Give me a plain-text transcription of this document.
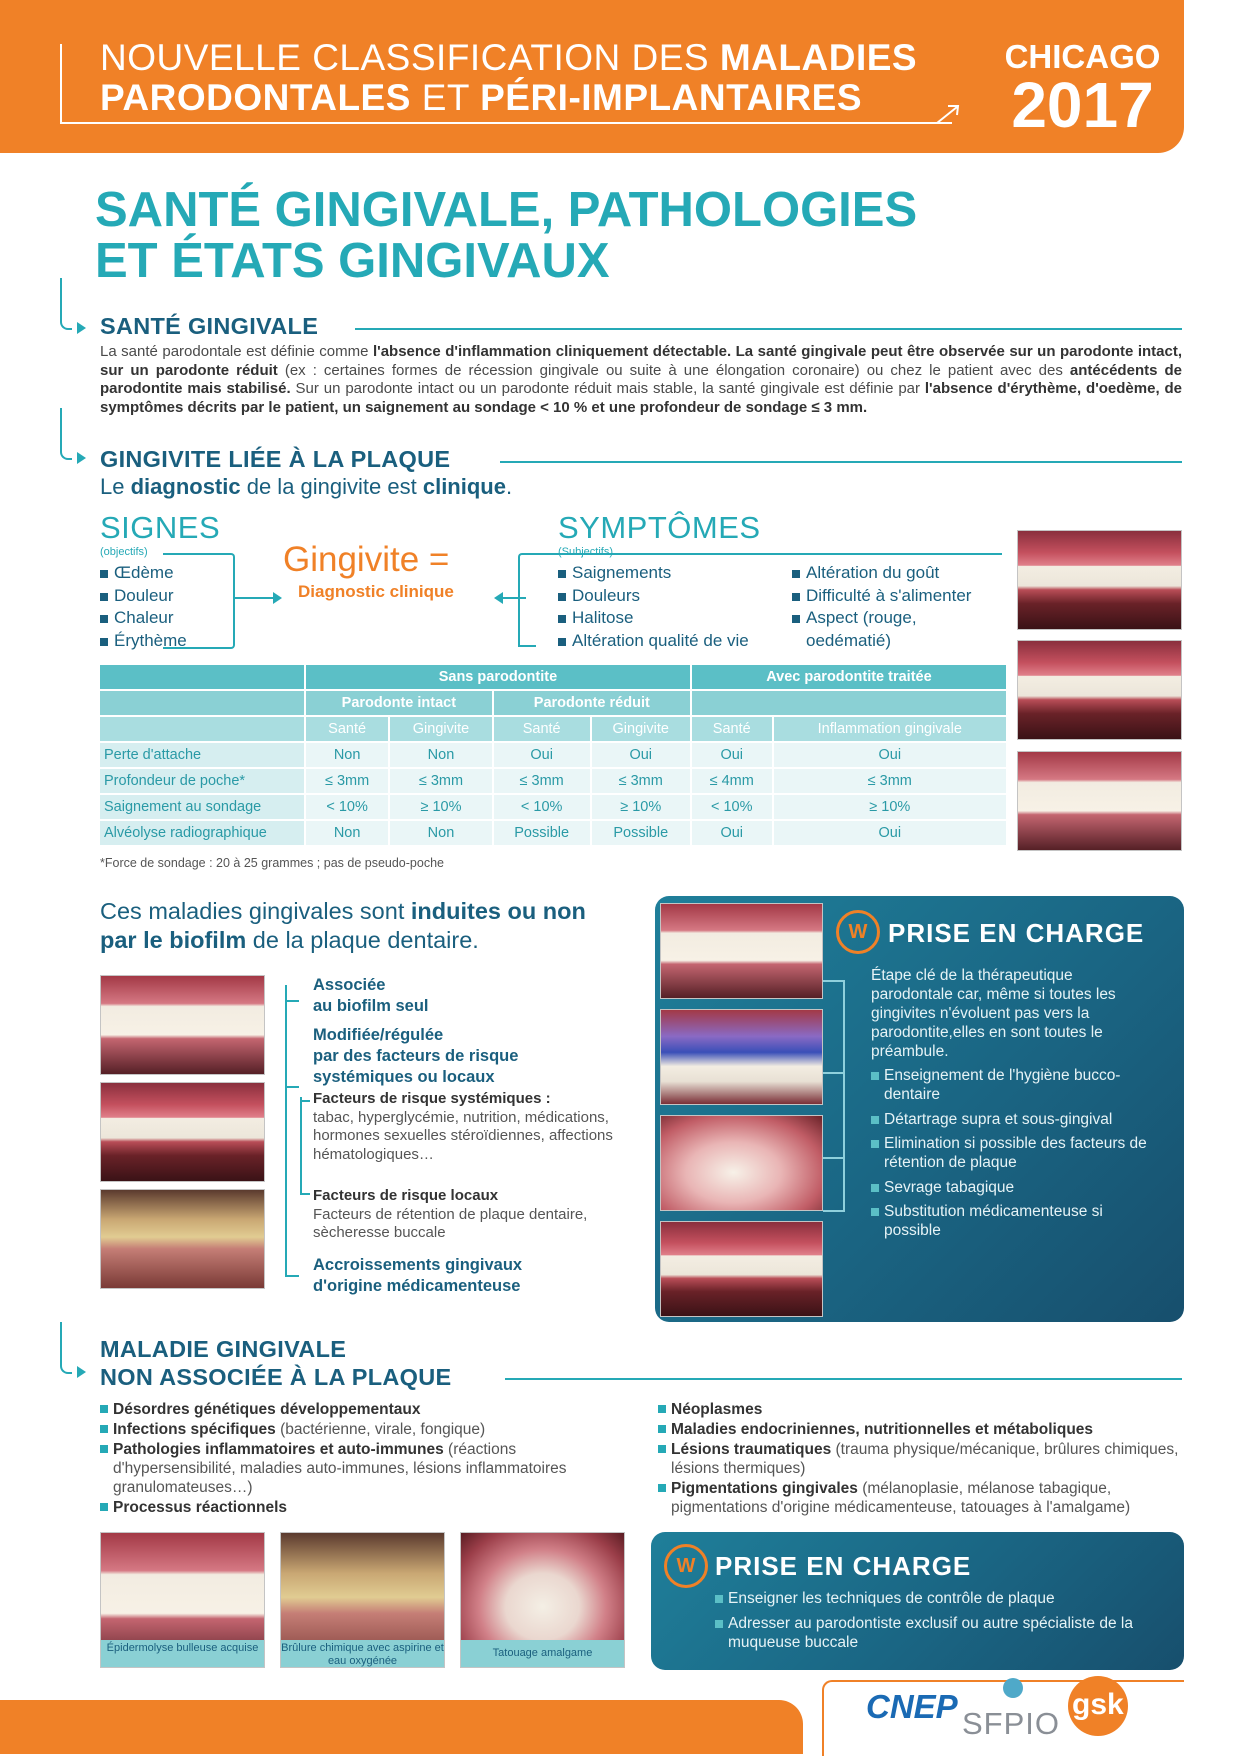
NOUVELLE CLASSIFICATION DES MALADIES
PARODONTALES ET PÉRI-IMPLANTAIRES
CHICAGO
2017
SANTÉ GINGIVALE, PATHOLOGIES
ET ÉTATS GINGIVAUX
SANTÉ GINGIVALE
La santé parodontale est définie comme l'absence d'inflammation cliniquement détectable. La santé gingivale peut être observée sur un parodonte intact, sur un parodonte réduit (ex : certaines formes de récession gingivale ou suite à une élongation coronaire) ou chez le patient avec des antécédents de parodontite mais stabilisé. Sur un parodonte intact ou un parodonte réduit mais stable, la santé gingivale est définie par l'absence d'érythème, d'oedème, de symptômes décrits par le patient, un saignement au sondage < 10 % et une profondeur de sondage ≤ 3 mm.
GINGIVITE LIÉE À LA PLAQUE
Le diagnostic de la gingivite est clinique.
SIGNES
(objectifs)
Œdème
Douleur
Chaleur
Érythème
Gingivite =
Diagnostic clinique
SYMPTÔMES
(Subjectifs)
Saignements
Douleurs
Halitose
Altération qualité de vie
Altération du goût
Difficulté à s'alimenter
Aspect (rouge,
oedématié)
	Sans parodontite				Avec parodontite traitée	
	Parodonte intact		Parodonte réduit			
	Santé	Gingivite	Santé	Gingivite	Santé	Inflammation gingivale
Perte d'attache	Non	Non	Oui	Oui	Oui	Oui
Profondeur de poche*	≤ 3mm	≤ 3mm	≤ 3mm	≤ 3mm	≤ 4mm	≤ 3mm
Saignement au sondage	< 10%	≥ 10%	< 10%	≥ 10%	< 10%	≥ 10%
Alvéolyse radiographique	Non	Non	Possible	Possible	Oui	Oui
*Force de sondage : 20 à 25 grammes ; pas de pseudo-poche
Ces maladies gingivales sont induites ou non
par le biofilm de la plaque dentaire.
Associée
au biofilm seul
Modifiée/régulée
par des facteurs de risque
systémiques ou locaux
Facteurs de risque systémiques :
tabac, hyperglycémie, nutrition, médications, hormones sexuelles stéroïdiennes, affections hématologiques…
Facteurs de risque locaux
Facteurs de rétention de plaque dentaire, sècheresse buccale
Accroissements gingivaux
d'origine médicamenteuse
W PRISE EN CHARGE
Étape clé de la thérapeutique parodontale car, même si toutes les gingivites n'évoluent pas vers la parodontite,elles en sont toutes le préambule.
Enseignement de l'hygiène bucco-dentaire
Détartrage supra et sous-gingival
Elimination si possible des facteurs de rétention de plaque
Sevrage tabagique
Substitution médicamenteuse si possible
MALADIE GINGIVALE
NON ASSOCIÉE À LA PLAQUE
Désordres génétiques développementaux
Infections spécifiques (bactérienne, virale, fongique)
Pathologies inflammatoires et auto-immunes (réactions d'hypersensibilité, maladies auto-immunes, lésions inflammatoires granulomateuses…)
Processus réactionnels
Néoplasmes
Maladies endocriniennes, nutritionnelles et métaboliques
Lésions traumatiques (trauma physique/mécanique, brûlures chimiques, lésions thermiques)
Pigmentations gingivales (mélanoplasie, mélanose tabagique, pigmentations d'origine médicamenteuse, tatouages à l'amalgame)
Épidermolyse bulleuse acquise	Brûlure chimique avec aspirine et eau oxygénée
Tatouage amalgame
W PRISE EN CHARGE
Enseigner les techniques de contrôle de plaque
Adresser au parodontiste exclusif ou autre spécialiste de la muqueuse buccale
CNEP SFPIO
gsk
